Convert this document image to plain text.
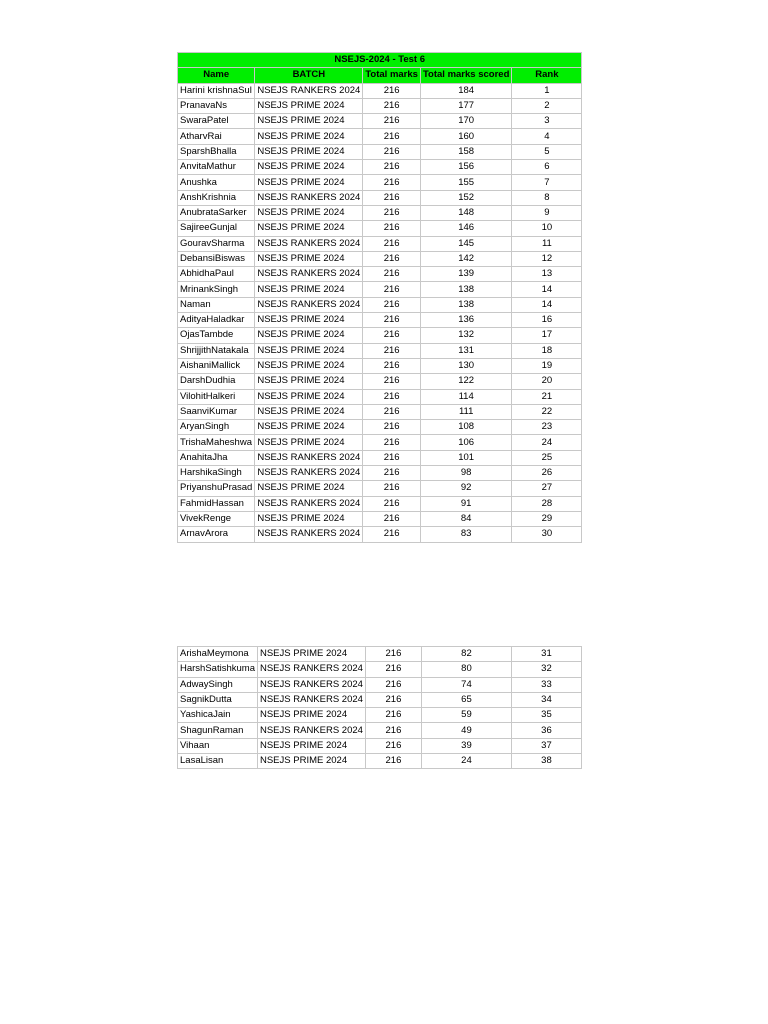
NSEJS-2024 - Test 6				
Name	BATCH	Total marks	Total marks scored	Rank
Harini krishnaSul	NSEJS RANKERS 2024	216	184	1
PranavaNs	NSEJS PRIME 2024	216	177	2
SwaraPatel	NSEJS PRIME 2024	216	170	3
AtharvRai	NSEJS PRIME 2024	216	160	4
SparshBhalla	NSEJS PRIME 2024	216	158	5
AnvitaMathur	NSEJS PRIME 2024	216	156	6
Anushka	NSEJS PRIME 2024	216	155	7
AnshKrishnia	NSEJS RANKERS 2024	216	152	8
AnubrataSarker	NSEJS PRIME 2024	216	148	9
SajireeGunjal	NSEJS PRIME 2024	216	146	10
GouravSharma	NSEJS RANKERS 2024	216	145	11
DebansiBiswas	NSEJS PRIME 2024	216	142	12
AbhidhaPaul	NSEJS RANKERS 2024	216	139	13
MrinankSingh	NSEJS PRIME 2024	216	138	14
Naman	NSEJS RANKERS 2024	216	138	14
AdityaHaladkar	NSEJS PRIME 2024	216	136	16
OjasTambde	NSEJS PRIME 2024	216	132	17
ShrijjithNatakala	NSEJS PRIME 2024	216	131	18
AishaniMallick	NSEJS PRIME 2024	216	130	19
DarshDudhia	NSEJS PRIME 2024	216	122	20
VilohitHalkeri	NSEJS PRIME 2024	216	114	21
SaanviKumar	NSEJS PRIME 2024	216	111	22
AryanSingh	NSEJS PRIME 2024	216	108	23
TrishaMaheshwa	NSEJS PRIME 2024	216	106	24
AnahitaJha	NSEJS RANKERS 2024	216	101	25
HarshikaSingh	NSEJS RANKERS 2024	216	98	26
PriyanshuPrasad	NSEJS PRIME 2024	216	92	27
FahmidHassan	NSEJS RANKERS 2024	216	91	28
VivekRenge	NSEJS PRIME 2024	216	84	29
ArnavArora	NSEJS RANKERS 2024	216	83	30
ArishaMeymona	NSEJS PRIME 2024	216	82	31
HarshSatishkuma	NSEJS RANKERS 2024	216	80	32
AdwaySingh	NSEJS RANKERS 2024	216	74	33
SagnikDutta	NSEJS RANKERS 2024	216	65	34
YashicaJain	NSEJS PRIME 2024	216	59	35
ShagunRaman	NSEJS RANKERS 2024	216	49	36
Vihaan	NSEJS PRIME 2024	216	39	37
LasaLisan	NSEJS PRIME 2024	216	24	38
